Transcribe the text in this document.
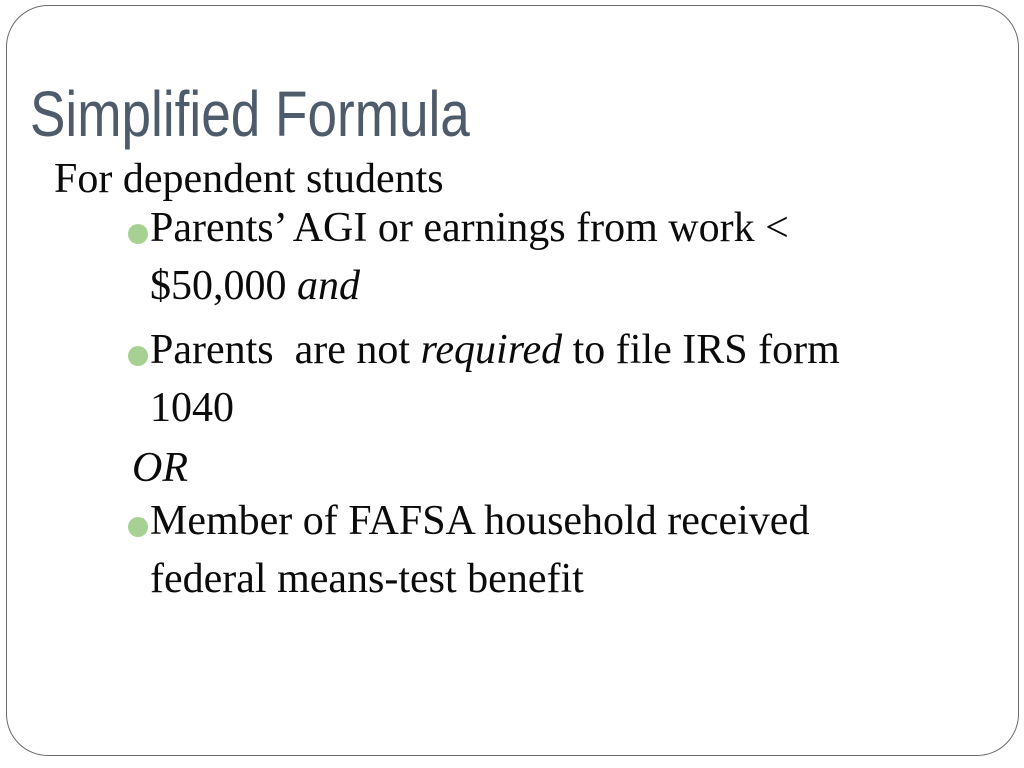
Simplified Formula

For dependent students

Parents’ AGI or earnings from work < $50,000 and
Parents  are not required to file IRS form 1040

OR

Member of FAFSA household received federal means-test benefit
